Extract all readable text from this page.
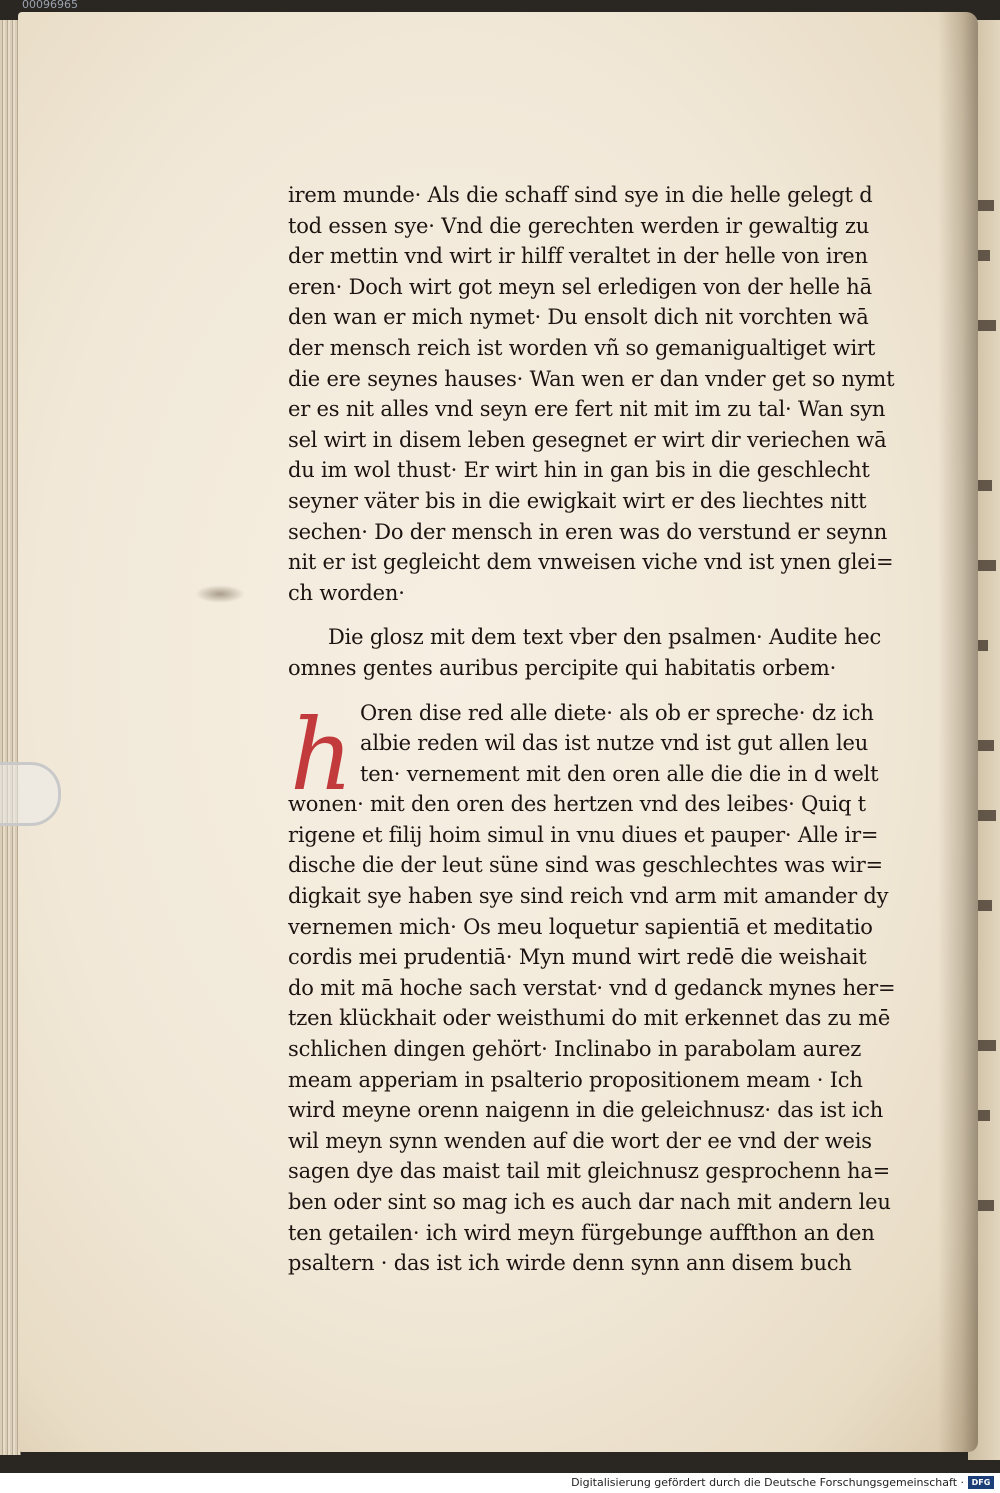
00096965
irem munde· Als die schaff sind sye in die helle gelegt d
tod essen sye· Vnd die gerechten werden ir gewaltig zu
der mettin vnd wirt ir hilff veraltet in der helle von iren
eren· Doch wirt got meyn sel erledigen von der helle hā
den wan er mich nymet· Du ensolt dich nit vorchten wā
der mensch reich ist worden vñ so gemanigualtiget wirt
die ere seynes hauses· Wan wen er dan vnder get so nymt
er es nit alles vnd seyn ere fert nit mit im zu tal· Wan syn
sel wirt in disem leben gesegnet er wirt dir veriechen wā
du im wol thust· Er wirt hin in gan bis in die geschlecht
seyner väter bis in die ewigkait wirt er des liechtes nitt
sechen· Do der mensch in eren was do verstund er seynn
nit er ist gegleicht dem vnweisen viche vnd ist ynen glei=
ch worden·
Die glosz mit dem text vber den psalmen· Audite hec
omnes gentes auribus percipite qui habitatis orbem·
h Oren dise red alle diete· als ob er spreche· dz ich
albie reden wil das ist nutze vnd ist gut allen leu
ten· vernement mit den oren alle die die in d welt
wonen· mit den oren des hertzen vnd des leibes· Quiq t
rigene et filij hoim simul in vnu diues et pauper· Alle ir=
dische die der leut süne sind was geschlechtes was wir=
digkait sye haben sye sind reich vnd arm mit amander dy
vernemen mich· Os meu loquetur sapientiā et meditatio
cordis mei prudentiā· Myn mund wirt redē die weishait
do mit mā hoche sach verstat· vnd d gedanck mynes her=
tzen klückhait oder weisthumi do mit erkennet das zu mē
schlichen dingen gehört· Inclinabo in parabolam aurez
meam apperiam in psalterio propositionem meam · Ich
wird meyne orenn naigenn in die geleichnusz· das ist ich
wil meyn synn wenden auf die wort der ee vnd der weis
sagen dye das maist tail mit gleichnusz gesprochenn ha=
ben oder sint so mag ich es auch dar nach mit andern leu
ten getailen· ich wird meyn fürgebunge auffthon an den
psaltern · das ist ich wirde denn synn ann disem buch
Digitalisierung gefördert durch die Deutsche Forschungsgemeinschaft · DFG
